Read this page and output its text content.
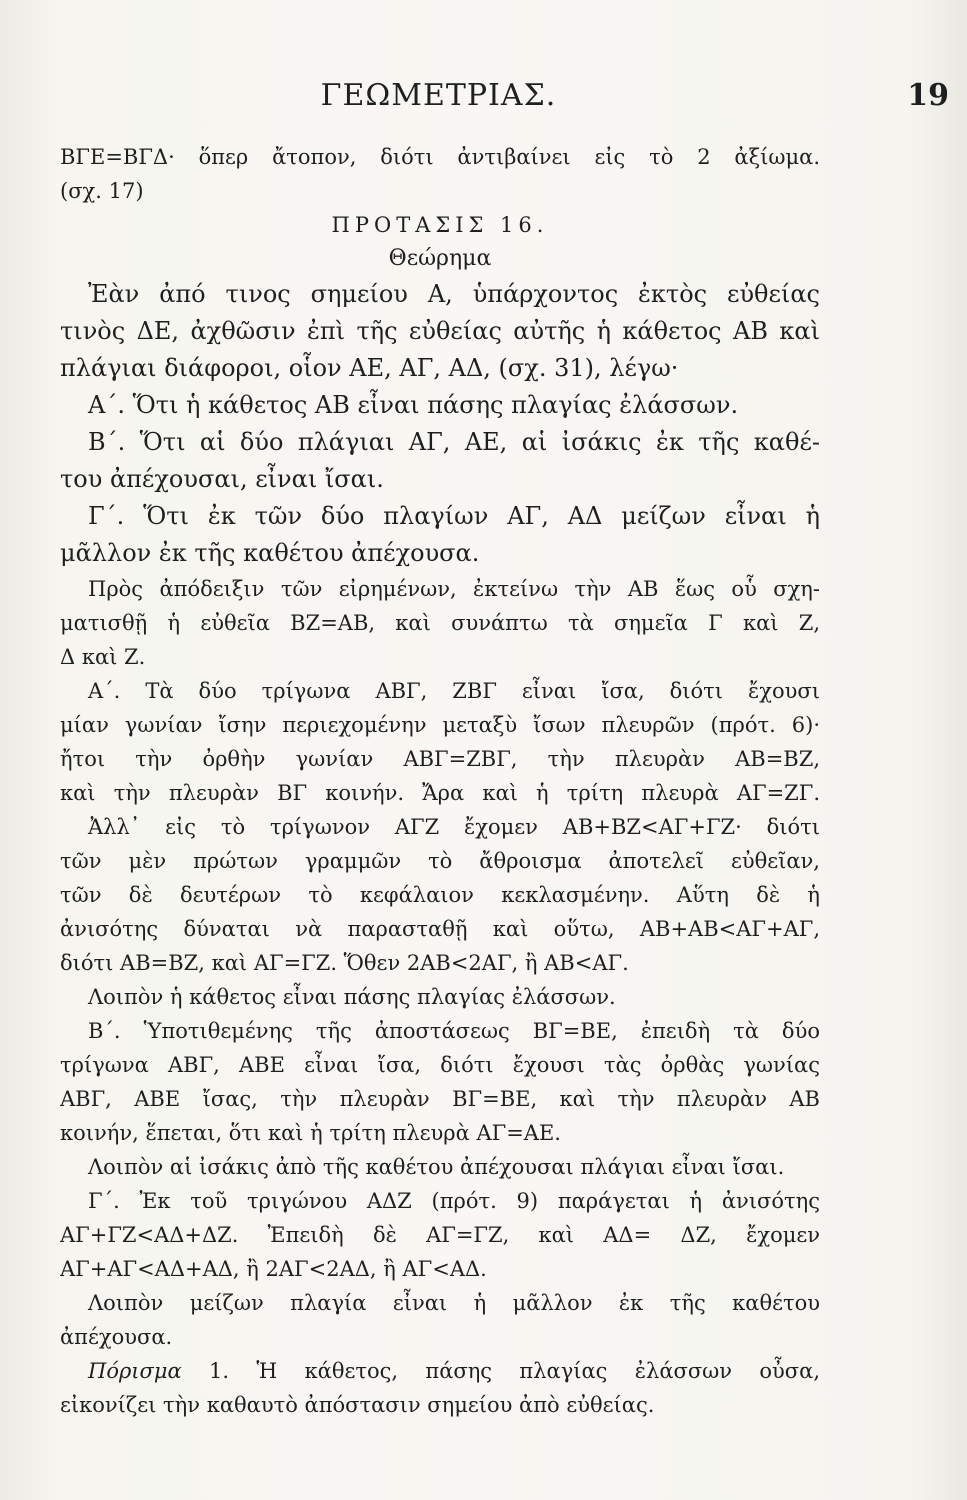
ΓΕΩΜΕΤΡΙΑΣ.	19
ΒΓΕ=ΒΓΔ· ὅπερ ἄτοπον, διότι ἀντιβαίνει εἰς τὸ 2 ἀξίωμα.
(σχ. 17)
ΠΡΟΤΑΣΙΣ 16.
Θεώρημα
Ἐὰν ἀπό τινος σημείου Α, ὑπάρχοντος ἐκτὸς εὐθείας
τινὸς ΔΕ, ἀχθῶσιν ἐπὶ τῆς εὐθείας αὐτῆς ἡ κάθετος ΑΒ καὶ
πλάγιαι διάφοροι, οἷον ΑΕ, ΑΓ, ΑΔ, (σχ. 31), λέγω·
Α΄. Ὅτι ἡ κάθετος ΑΒ εἶναι πάσης πλαγίας ἐλάσσων.
Β΄. Ὅτι αἱ δύο πλάγιαι ΑΓ, ΑΕ, αἱ ἰσάκις ἐκ τῆς καθέ-
του ἀπέχουσαι, εἶναι ἴσαι.
Γ΄. Ὅτι ἐκ τῶν δύο πλαγίων ΑΓ, ΑΔ μείζων εἶναι ἡ
μᾶλλον ἐκ τῆς καθέτου ἀπέχουσα.
Πρὸς ἀπόδειξιν τῶν εἰρημένων, ἐκτείνω τὴν ΑΒ ἕως οὗ σχη-
ματισθῇ ἡ εὐθεῖα ΒΖ=ΑΒ, καὶ συνάπτω τὰ σημεῖα Γ καὶ Ζ,
Δ καὶ Ζ.
Α΄. Τὰ δύο τρίγωνα ΑΒΓ, ΖΒΓ εἶναι ἴσα, διότι ἔχουσι
μίαν γωνίαν ἴσην περιεχομένην μεταξὺ ἴσων πλευρῶν (πρότ. 6)·
ἤτοι τὴν ὀρθὴν γωνίαν ΑΒΓ=ΖΒΓ, τὴν πλευρὰν ΑΒ=ΒΖ,
καὶ τὴν πλευρὰν ΒΓ κοινήν. Ἄρα καὶ ἡ τρίτη πλευρὰ ΑΓ=ΖΓ.
Ἀλλ᾽ εἰς τὸ τρίγωνον ΑΓΖ ἔχομεν ΑΒ+ΒΖ<ΑΓ+ΓΖ· διότι
τῶν μὲν πρώτων γραμμῶν τὸ ἄθροισμα ἀποτελεῖ εὐθεῖαν,
τῶν δὲ δευτέρων τὸ κεφάλαιον κεκλασμένην. Αὕτη δὲ ἡ
ἀνισότης δύναται νὰ παρασταθῇ καὶ οὕτω, ΑΒ+ΑΒ<ΑΓ+ΑΓ,
διότι ΑΒ=ΒΖ, καὶ ΑΓ=ΓΖ. Ὅθεν 2ΑΒ<2ΑΓ, ἢ ΑΒ<ΑΓ.
Λοιπὸν ἡ κάθετος εἶναι πάσης πλαγίας ἐλάσσων.
Β΄. Ὑποτιθεμένης τῆς ἀποστάσεως ΒΓ=ΒΕ, ἐπειδὴ τὰ δύο
τρίγωνα ΑΒΓ, ΑΒΕ εἶναι ἴσα, διότι ἔχουσι τὰς ὀρθὰς γωνίας
ΑΒΓ, ΑΒΕ ἴσας, τὴν πλευρὰν ΒΓ=ΒΕ, καὶ τὴν πλευρὰν ΑΒ
κοινήν, ἕπεται, ὅτι καὶ ἡ τρίτη πλευρὰ ΑΓ=ΑΕ.
Λοιπὸν αἱ ἰσάκις ἀπὸ τῆς καθέτου ἀπέχουσαι πλάγιαι εἶναι ἴσαι.
Γ΄. Ἐκ τοῦ τριγώνου ΑΔΖ (πρότ. 9) παράγεται ἡ ἀνισότης
ΑΓ+ΓΖ<ΑΔ+ΔΖ. Ἐπειδὴ δὲ ΑΓ=ΓΖ, καὶ ΑΔ= ΔΖ, ἔχομεν
ΑΓ+ΑΓ<ΑΔ+ΑΔ, ἢ 2ΑΓ<2ΑΔ, ἢ ΑΓ<ΑΔ.
Λοιπὸν μείζων πλαγία εἶναι ἡ μᾶλλον ἐκ τῆς καθέτου
ἀπέχουσα.
Πόρισμα 1. Ἡ κάθετος, πάσης πλαγίας ἐλάσσων οὖσα,
εἰκονίζει τὴν καθαυτὸ ἀπόστασιν σημείου ἀπὸ εὐθείας.
